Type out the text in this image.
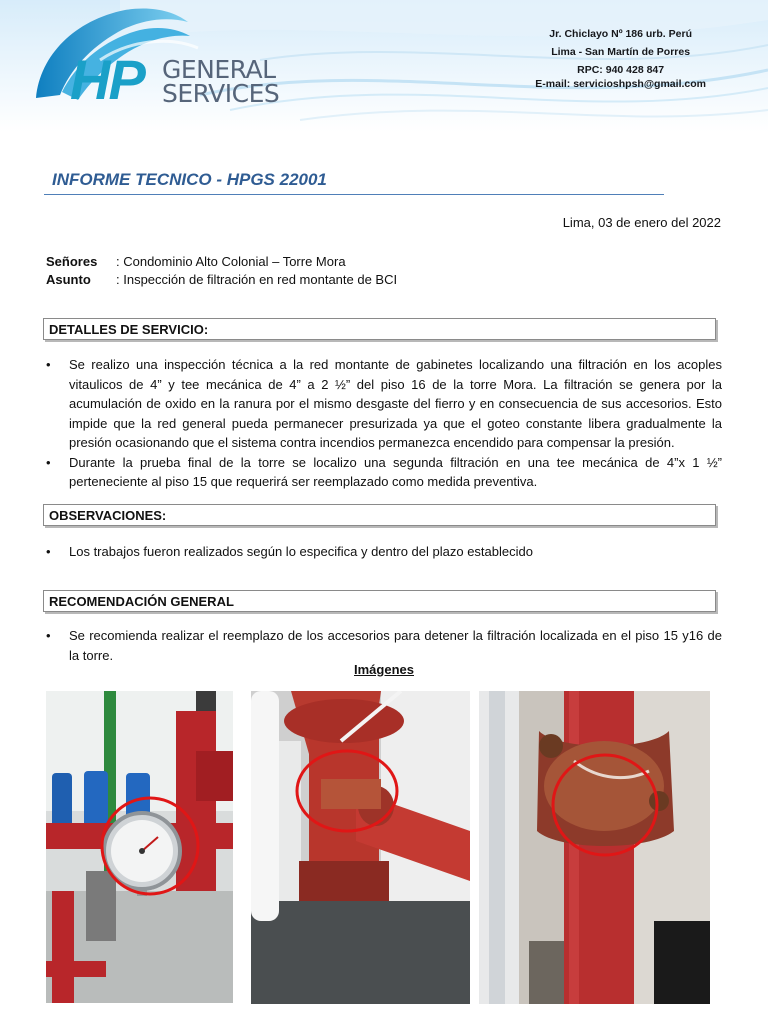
HP GENERAL
SERVICES
Jr. Chiclayo Nº 186 urb. Perú
Lima - San Martín de Porres
RPC: 940 428 847
E-mail: servicioshpsh@gmail.com
INFORME TECNICO - HPGS 22001
Lima, 03 de enero del 2022
Señores : Condominio Alto Colonial – Torre Mora
Asunto : Inspección de filtración en red montante de BCI
DETALLES DE SERVICIO:
• Se realizo una inspección técnica a la red montante de gabinetes localizando una filtración en los acoples vitaulicos de 4” y tee mecánica de 4” a 2 ½” del piso 16 de la torre Mora. La filtración se genera por la acumulación de oxido en la ranura por el mismo desgaste del fierro y en consecuencia de sus accesorios. Esto impide que la red general pueda permanecer presurizada ya que el goteo constante libera gradualmente la presión ocasionando que el sistema contra incendios permanezca encendido para compensar la presión.
• Durante la prueba final de la torre se localizo una segunda filtración en una tee mecánica de 4”x 1 ½” perteneciente al piso 15 que requerirá ser reemplazado como medida preventiva.
OBSERVACIONES:
• Los trabajos fueron realizados según lo especifica y dentro del plazo establecido
RECOMENDACIÓN GENERAL
• Se recomienda realizar el reemplazo de los accesorios para detener la filtración localizada en el piso 15 y16 de la torre.
Imágenes
